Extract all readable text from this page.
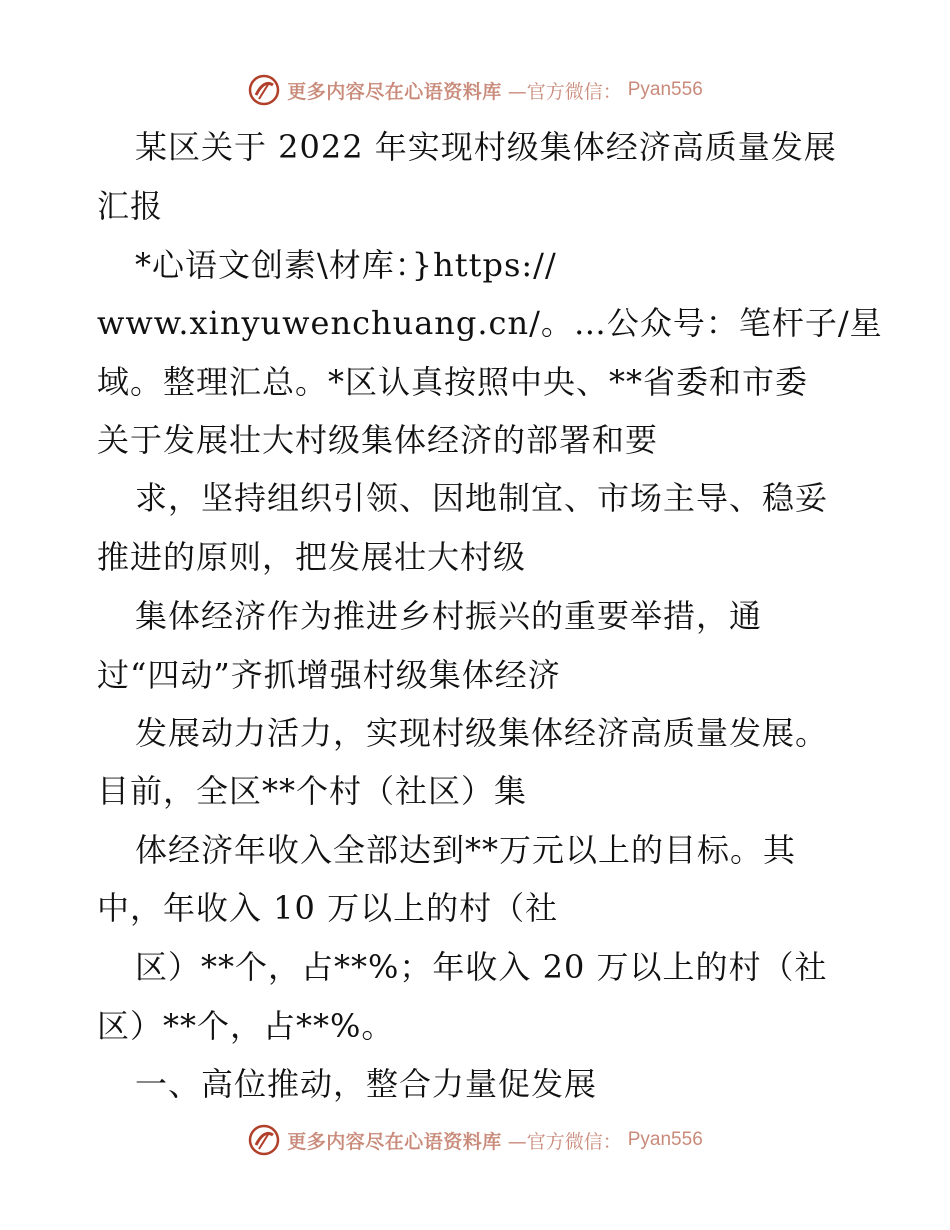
更多内容尽在心语资料库 —官方微信： Pyan556
某区关于 2022 年实现村级集体经济高质量发展
汇报
*心语文创素\材库：}https://
www.xinyuwenchuang.cn/。…公众号：笔杆子/星
域。整理汇总。*区认真按照中央、**省委和市委
关于发展壮大村级集体经济的部署和要
求，坚持组织引领、因地制宜、市场主导、稳妥
推进的原则，把发展壮大村级
集体经济作为推进乡村振兴的重要举措，通
过“四动”齐抓增强村级集体经济
发展动力活力，实现村级集体经济高质量发展。
目前，全区**个村（社区）集
体经济年收入全部达到**万元以上的目标。其
中，年收入 10 万以上的村（社
区）**个，占**%；年收入 20 万以上的村（社
区）**个，占**%。
一、高位推动，整合力量促发展
更多内容尽在心语资料库 —官方微信： Pyan556
